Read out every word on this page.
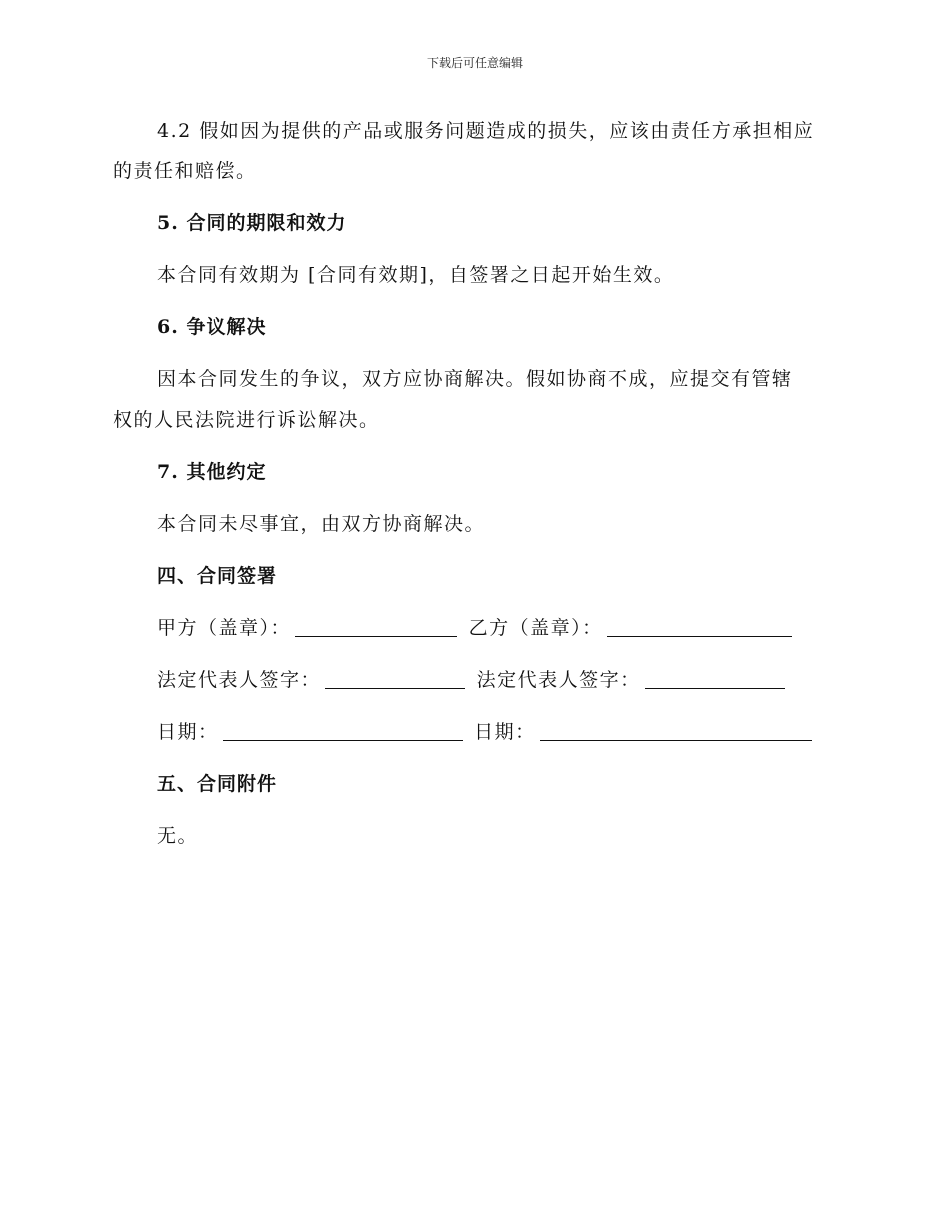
下载后可任意编辑
4.2 假如因为提供的产品或服务问题造成的损失，应该由责任方承担相应
的责任和赔偿。
5. 合同的期限和效力
本合同有效期为 [合同有效期]，自签署之日起开始生效。
6. 争议解决
因本合同发生的争议，双方应协商解决。假如协商不成，应提交有管辖
权的人民法院进行诉讼解决。
7. 其他约定
本合同未尽事宜，由双方协商解决。
四、合同签署
甲方（盖章）：	乙方（盖章）：
法定代表人签字：	法定代表人签字：
日期：	日期：
五、合同附件
无。
